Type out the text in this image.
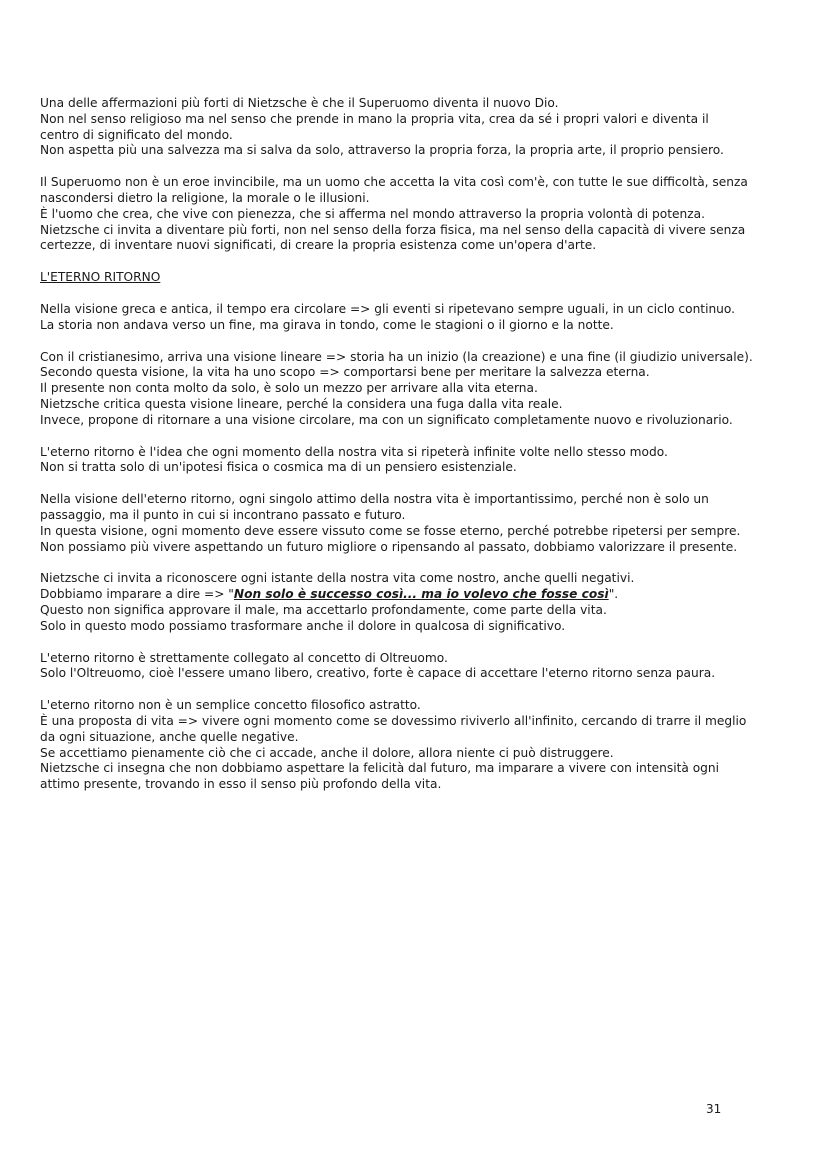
Una delle affermazioni più forti di Nietzsche è che il Superuomo diventa il nuovo Dio.
Non nel senso religioso ma nel senso che prende in mano la propria vita, crea da sé i propri valori e diventa il
centro di significato del mondo.
Non aspetta più una salvezza ma si salva da solo, attraverso la propria forza, la propria arte, il proprio pensiero.
Il Superuomo non è un eroe invincibile, ma un uomo che accetta la vita così com'è, con tutte le sue difficoltà, senza
nascondersi dietro la religione, la morale o le illusioni.
È l'uomo che crea, che vive con pienezza, che si afferma nel mondo attraverso la propria volontà di potenza.
Nietzsche ci invita a diventare più forti, non nel senso della forza fisica, ma nel senso della capacità di vivere senza
certezze, di inventare nuovi significati, di creare la propria esistenza come un'opera d'arte.
L'ETERNO RITORNO
Nella visione greca e antica, il tempo era circolare => gli eventi si ripetevano sempre uguali, in un ciclo continuo.
La storia non andava verso un fine, ma girava in tondo, come le stagioni o il giorno e la notte.
Con il cristianesimo, arriva una visione lineare => storia ha un inizio (la creazione) e una fine (il giudizio universale).
Secondo questa visione, la vita ha uno scopo => comportarsi bene per meritare la salvezza eterna.
Il presente non conta molto da solo, è solo un mezzo per arrivare alla vita eterna.
Nietzsche critica questa visione lineare, perché la considera una fuga dalla vita reale.
Invece, propone di ritornare a una visione circolare, ma con un significato completamente nuovo e rivoluzionario.
L'eterno ritorno è l'idea che ogni momento della nostra vita si ripeterà infinite volte nello stesso modo.
Non si tratta solo di un'ipotesi fisica o cosmica ma di un pensiero esistenziale.
Nella visione dell'eterno ritorno, ogni singolo attimo della nostra vita è importantissimo, perché non è solo un
passaggio, ma il punto in cui si incontrano passato e futuro.
In questa visione, ogni momento deve essere vissuto come se fosse eterno, perché potrebbe ripetersi per sempre.
Non possiamo più vivere aspettando un futuro migliore o ripensando al passato, dobbiamo valorizzare il presente.
Nietzsche ci invita a riconoscere ogni istante della nostra vita come nostro, anche quelli negativi.
Dobbiamo imparare a dire => "Non solo è successo così... ma io volevo che fosse così".
Questo non significa approvare il male, ma accettarlo profondamente, come parte della vita.
Solo in questo modo possiamo trasformare anche il dolore in qualcosa di significativo.
L'eterno ritorno è strettamente collegato al concetto di Oltreuomo.
Solo l'Oltreuomo, cioè l'essere umano libero, creativo, forte è capace di accettare l'eterno ritorno senza paura.
L'eterno ritorno non è un semplice concetto filosofico astratto.
È una proposta di vita => vivere ogni momento come se dovessimo riviverlo all'infinito, cercando di trarre il meglio
da ogni situazione, anche quelle negative.
Se accettiamo pienamente ciò che ci accade, anche il dolore, allora niente ci può distruggere.
Nietzsche ci insegna che non dobbiamo aspettare la felicità dal futuro, ma imparare a vivere con intensità ogni
attimo presente, trovando in esso il senso più profondo della vita.
31
